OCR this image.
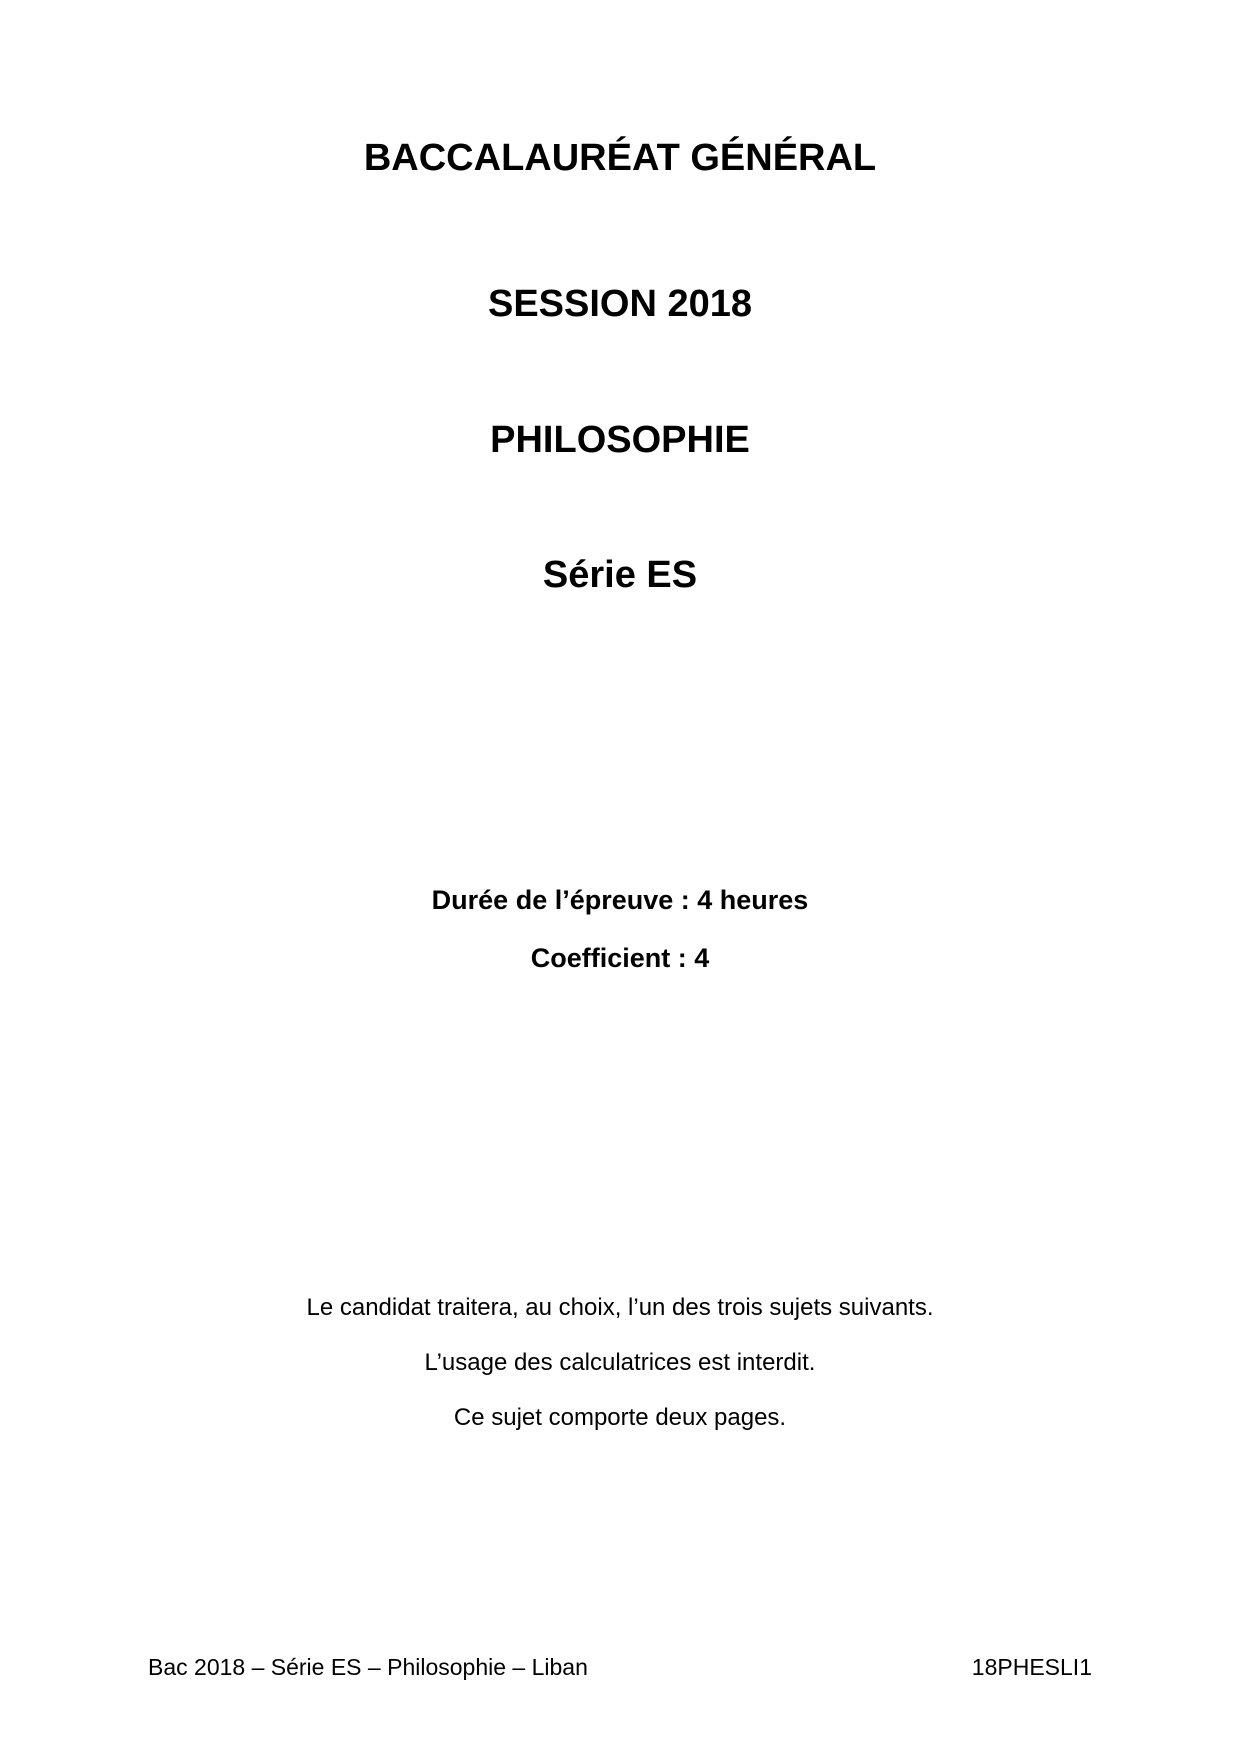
BACCALAURÉAT GÉNÉRAL
SESSION 2018
PHILOSOPHIE
Série ES
Durée de l’épreuve : 4 heures
Coefficient : 4
Le candidat traitera, au choix, l’un des trois sujets suivants.
L’usage des calculatrices est interdit.
Ce sujet comporte deux pages.
Bac 2018 – Série ES – Philosophie – Liban	18PHESLI1
